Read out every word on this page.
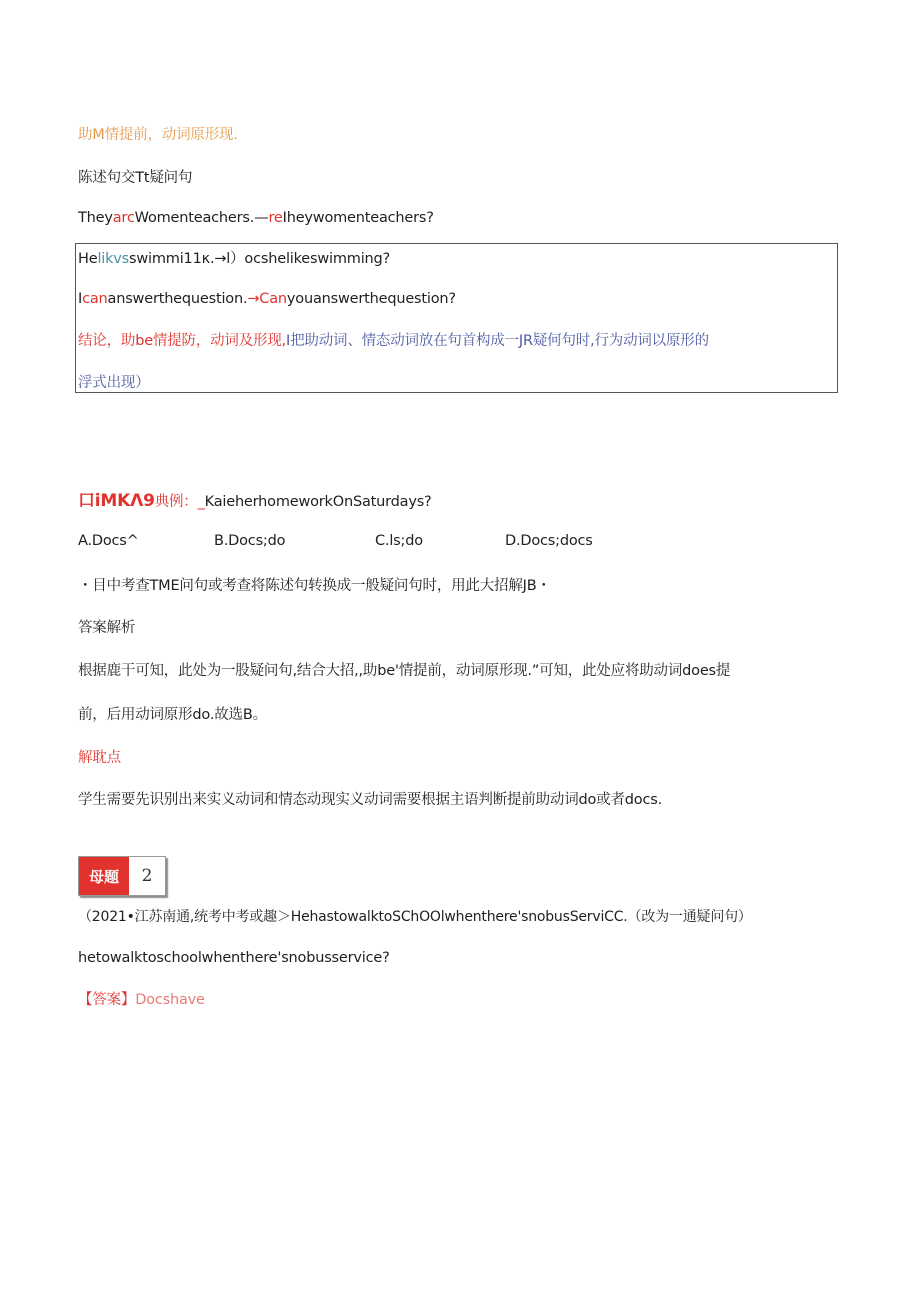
助M情提前，动词原形现.
陈述句交Tt疑问句
TheyarcWomenteachers.—reIheywomenteachers?
Helikvsswimmi11κ.→l）ocshelikeswimming?
Icananswerthequestion.→Canyouanswerthequestion?
结论，助be情提防，动词及形现,I把助动词、情态动词放在句首构成一JR疑何句时,行为动词以原形的
浮式出现）
口iMKΛ9典例：_KaieherhomeworkOnSaturdays?
A.Docs^	B.Docs;do	C.ls;do	D.Docs;docs
・目中考查TME问句或考查将陈述句转换成一般疑问句时，用此大招解JB・
答案解析
根据鹿干可知，此处为一股疑问句,结合大招,,助be'情提前，动词原形现.”可知，此处应将助动词does提
前，后用动词原形do.故选B。
解耽点
学生需要先识别出来实义动词和情态动现实义动词需要根据主语判断提前助动词do或者docs.
母题	2
（2021•江苏南通,统考中考或趣＞HehastowalktoSChOOlwhenthere'snobusServiCC.（改为一通疑问句）
hetowalktoschoolwhenthere'snobusservice?
【答案】Docshave
